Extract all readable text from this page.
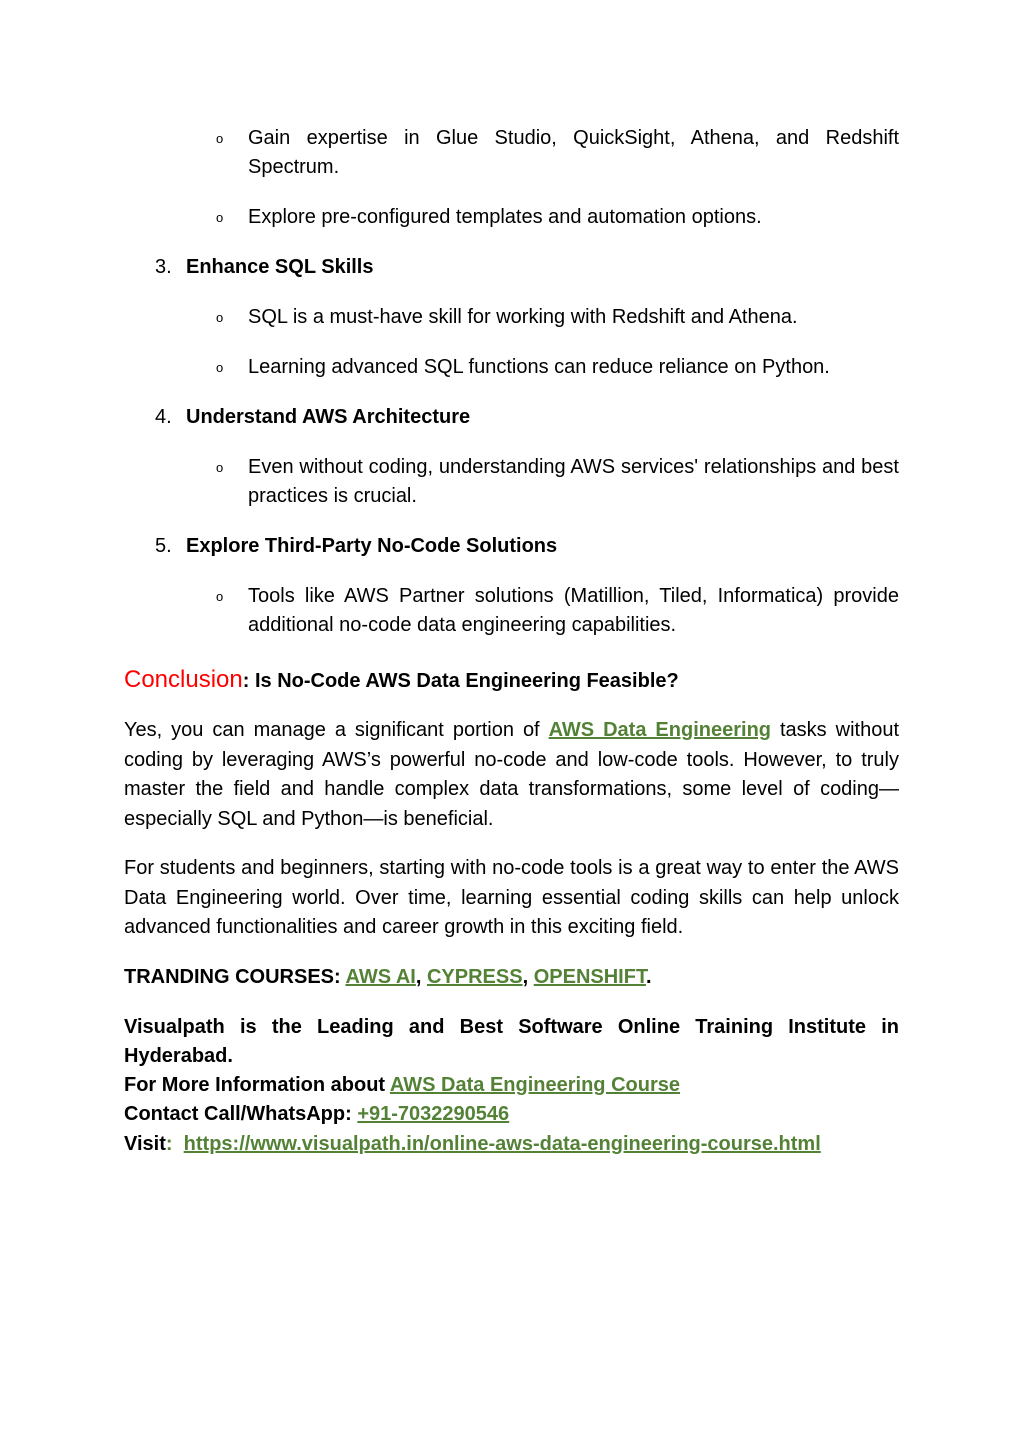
o Gain expertise in Glue Studio, QuickSight, Athena, and Redshift Spectrum.
o Explore pre-configured templates and automation options.
3. Enhance SQL Skills
o SQL is a must-have skill for working with Redshift and Athena.
o Learning advanced SQL functions can reduce reliance on Python.
4. Understand AWS Architecture
o Even without coding, understanding AWS services' relationships and best practices is crucial.
5. Explore Third-Party No-Code Solutions
o Tools like AWS Partner solutions (Matillion, Tiled, Informatica) provide additional no-code data engineering capabilities.
Conclusion: Is No-Code AWS Data Engineering Feasible?
Yes, you can manage a significant portion of AWS Data Engineering tasks without coding by leveraging AWS’s powerful no-code and low-code tools. However, to truly master the field and handle complex data transformations, some level of coding—especially SQL and Python—is beneficial.
For students and beginners, starting with no-code tools is a great way to enter the AWS Data Engineering world. Over time, learning essential coding skills can help unlock advanced functionalities and career growth in this exciting field.
TRANDING COURSES: AWS AI, CYPRESS, OPENSHIFT.
Visualpath is the Leading and Best Software Online Training Institute in Hyderabad.
For More Information about AWS Data Engineering Course
Contact Call/WhatsApp: +91-7032290546
Visit: https://www.visualpath.in/online-aws-data-engineering-course.html
